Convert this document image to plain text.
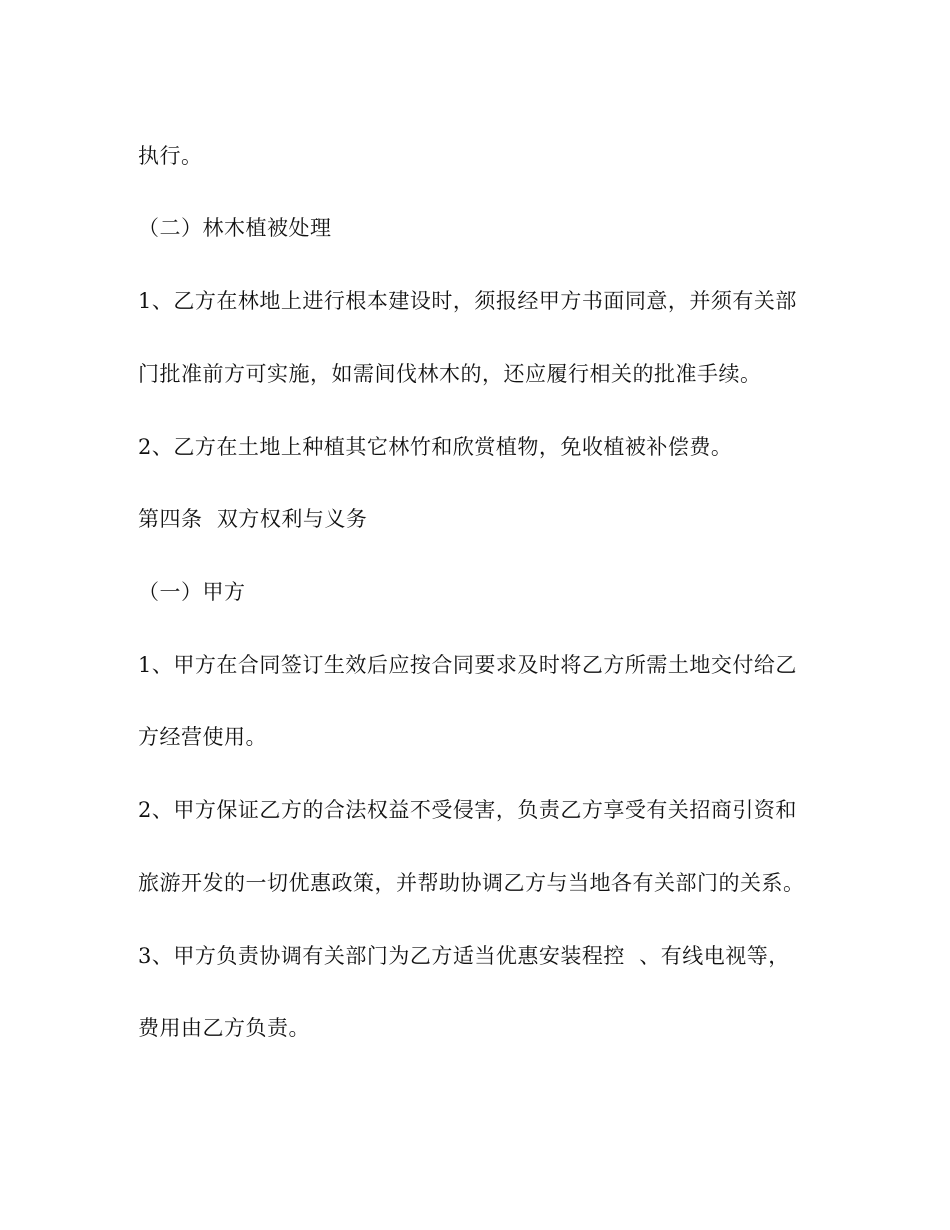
执行。
（二）林木植被处理
1、乙方在林地上进行根本建设时，须报经甲方书面同意，并须有关部
门批准前方可实施，如需间伐林木的，还应履行相关的批准手续。
2、乙方在土地上种植其它林竹和欣赏植物，免收植被补偿费。
第四条  双方权利与义务
（一）甲方
1、甲方在合同签订生效后应按合同要求及时将乙方所需土地交付给乙
方经营使用。
2、甲方保证乙方的合法权益不受侵害，负责乙方享受有关招商引资和
旅游开发的一切优惠政策，并帮助协调乙方与当地各有关部门的关系。
3、甲方负责协调有关部门为乙方适当优惠安装程控  、有线电视等，
费用由乙方负责。
